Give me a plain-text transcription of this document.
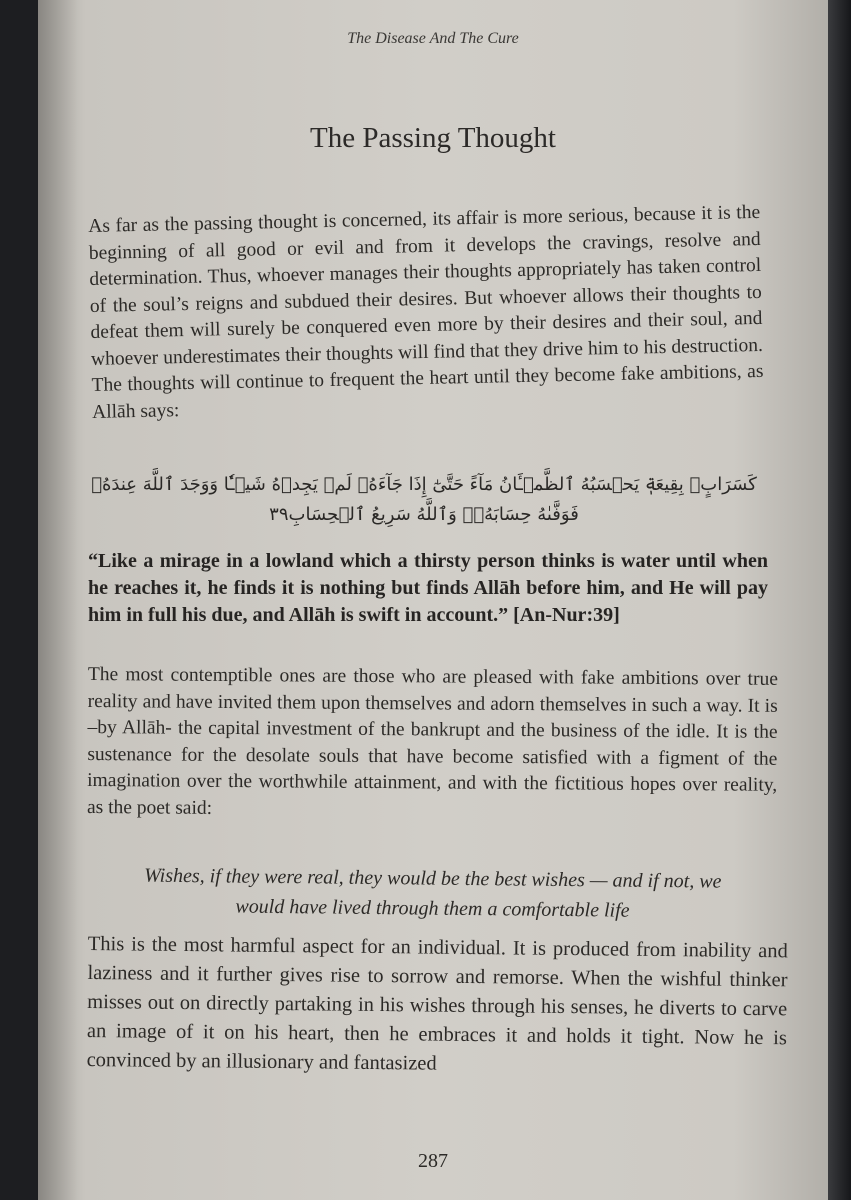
The Disease And The Cure
The Passing Thought

As far as the passing thought is concerned, its affair is more serious, because it is the beginning of all good or evil and from it develops the cravings, resolve and determination. Thus, whoever manages their thoughts appropriately has taken control of the soul’s reigns and subdued their desires. But whoever allows their thoughts to defeat them will surely be conquered even more by their desires and their soul, and whoever underestimates their thoughts will find that they drive him to his destruction. The thoughts will continue to frequent the heart until they become fake ambitions, as Allāh says:

كَسَرَابٍۭ بِقِيعَةٖ يَحۡسَبُهُ ٱلظَّمۡـَٔانُ مَآءً حَتَّىٰٓ إِذَا جَآءَهُۥ لَمۡ يَجِدۡهُ شَيۡـٔٗا وَوَجَدَ ٱللَّهَ عِندَهُۥ فَوَفَّىٰهُ حِسَابَهُۥۗ وَٱللَّهُ سَرِيعُ ٱلۡحِسَابِ٣٩
“Like a mirage in a lowland which a thirsty person thinks is water until when he reaches it, he finds it is nothing but finds Allāh before him, and He will pay him in full his due, and Allāh is swift in account.” [An-Nur:39]

The most contemptible ones are those who are pleased with fake ambitions over true reality and have invited them upon themselves and adorn themselves in such a way. It is –by Allāh- the capital investment of the bankrupt and the business of the idle. It is the sustenance for the desolate souls that have become satisfied with a figment of the imagination over the worthwhile attainment, and with the fictitious hopes over reality, as the poet said:

Wishes, if they were real, they would be the best wishes — and if not, we
would have lived through them a comfortable life

This is the most harmful aspect for an individual. It is produced from inability and laziness and it further gives rise to sorrow and remorse. When the wishful thinker misses out on directly partaking in his wishes through his senses, he diverts to carve an image of it on his heart, then he embraces it and holds it tight. Now he is convinced by an illusionary and fantasized

287
